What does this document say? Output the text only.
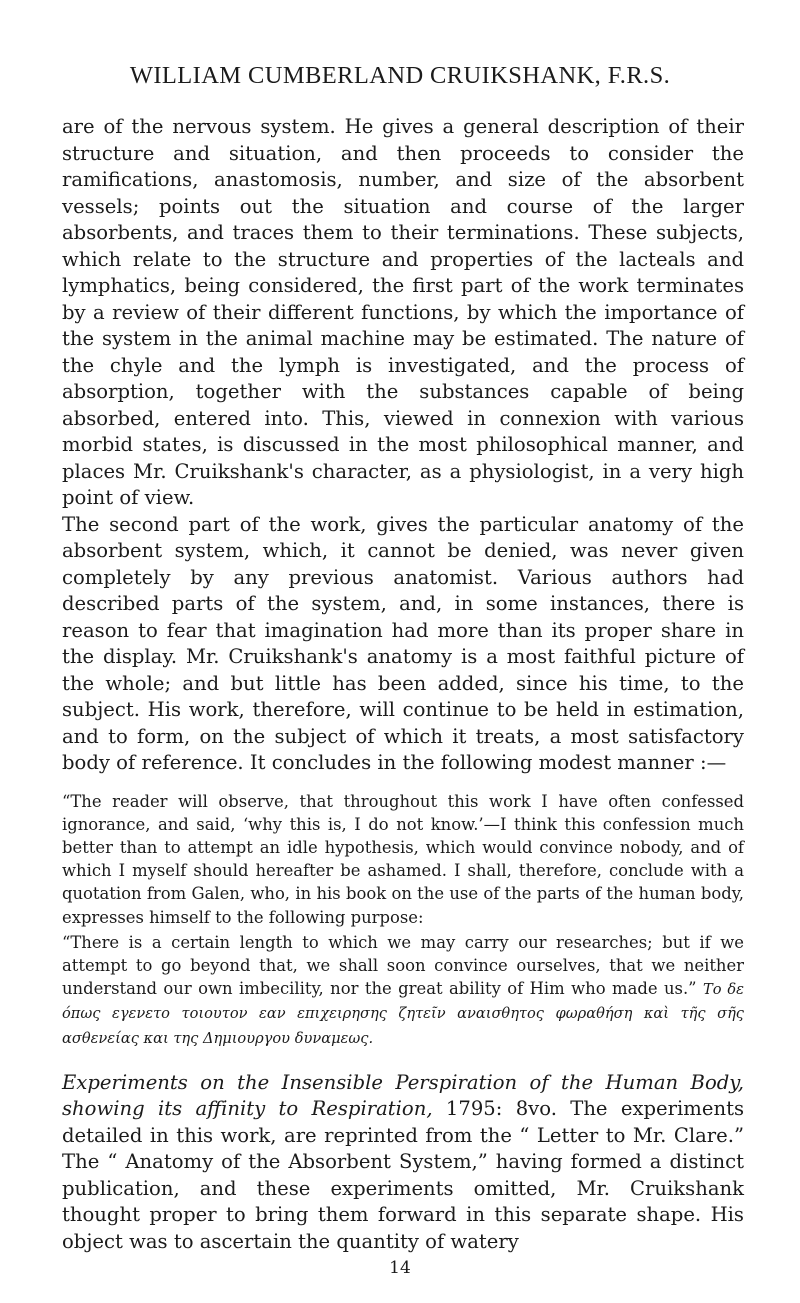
WILLIAM CUMBERLAND CRUIKSHANK, F.R.S.

are of the nervous system. He gives a general description of their structure and situation, and then proceeds to consider the ramifications, anastomosis, number, and size of the absorbent vessels; points out the situation and course of the larger absorbents, and traces them to their terminations. These subjects, which relate to the structure and properties of the lacteals and lymphatics, being considered, the first part of the work terminates by a review of their different functions, by which the importance of the system in the animal machine may be estimated. The nature of the chyle and the lymph is investigated, and the process of absorption, together with the substances capable of being absorbed, entered into. This, viewed in connexion with various morbid states, is discussed in the most philosophical manner, and places Mr. Cruikshank's character, as a physiologist, in a very high point of view.

The second part of the work, gives the particular anatomy of the absorbent system, which, it cannot be denied, was never given completely by any previous anatomist. Various authors had described parts of the system, and, in some instances, there is reason to fear that imagination had more than its proper share in the display. Mr. Cruikshank's anatomy is a most faithful picture of the whole; and but little has been added, since his time, to the subject. His work, therefore, will continue to be held in estimation, and to form, on the subject of which it treats, a most satisfactory body of reference. It concludes in the following modest manner :—

“The reader will observe, that throughout this work I have often confessed ignorance, and said, ‘why this is, I do not know.’—I think this confession much better than to attempt an idle hypothesis, which would convince nobody, and of which I myself should hereafter be ashamed. I shall, therefore, conclude with a quotation from Galen, who, in his book on the use of the parts of the human body, expresses himself to the following purpose:

“There is a certain length to which we may carry our researches; but if we attempt to go beyond that, we shall soon convince ourselves, that we neither understand our own imbecility, nor the great ability of Him who made us.” Το δε όπως εγενετο τοιουτον εαν επιχειρησης ζητεῖν αναισθητος φωραθήση καὶ τῆς σῆς ασθενείας και της Δημιουργου δυναμεως.

Experiments on the Insensible Perspiration of the Human Body, showing its affinity to Respiration, 1795: 8vo. The experiments detailed in this work, are reprinted from the “ Letter to Mr. Clare.” The “ Anatomy of the Absorbent System,” having formed a distinct publication, and these experiments omitted, Mr. Cruikshank thought proper to bring them forward in this separate shape. His object was to ascertain the quantity of watery

14
